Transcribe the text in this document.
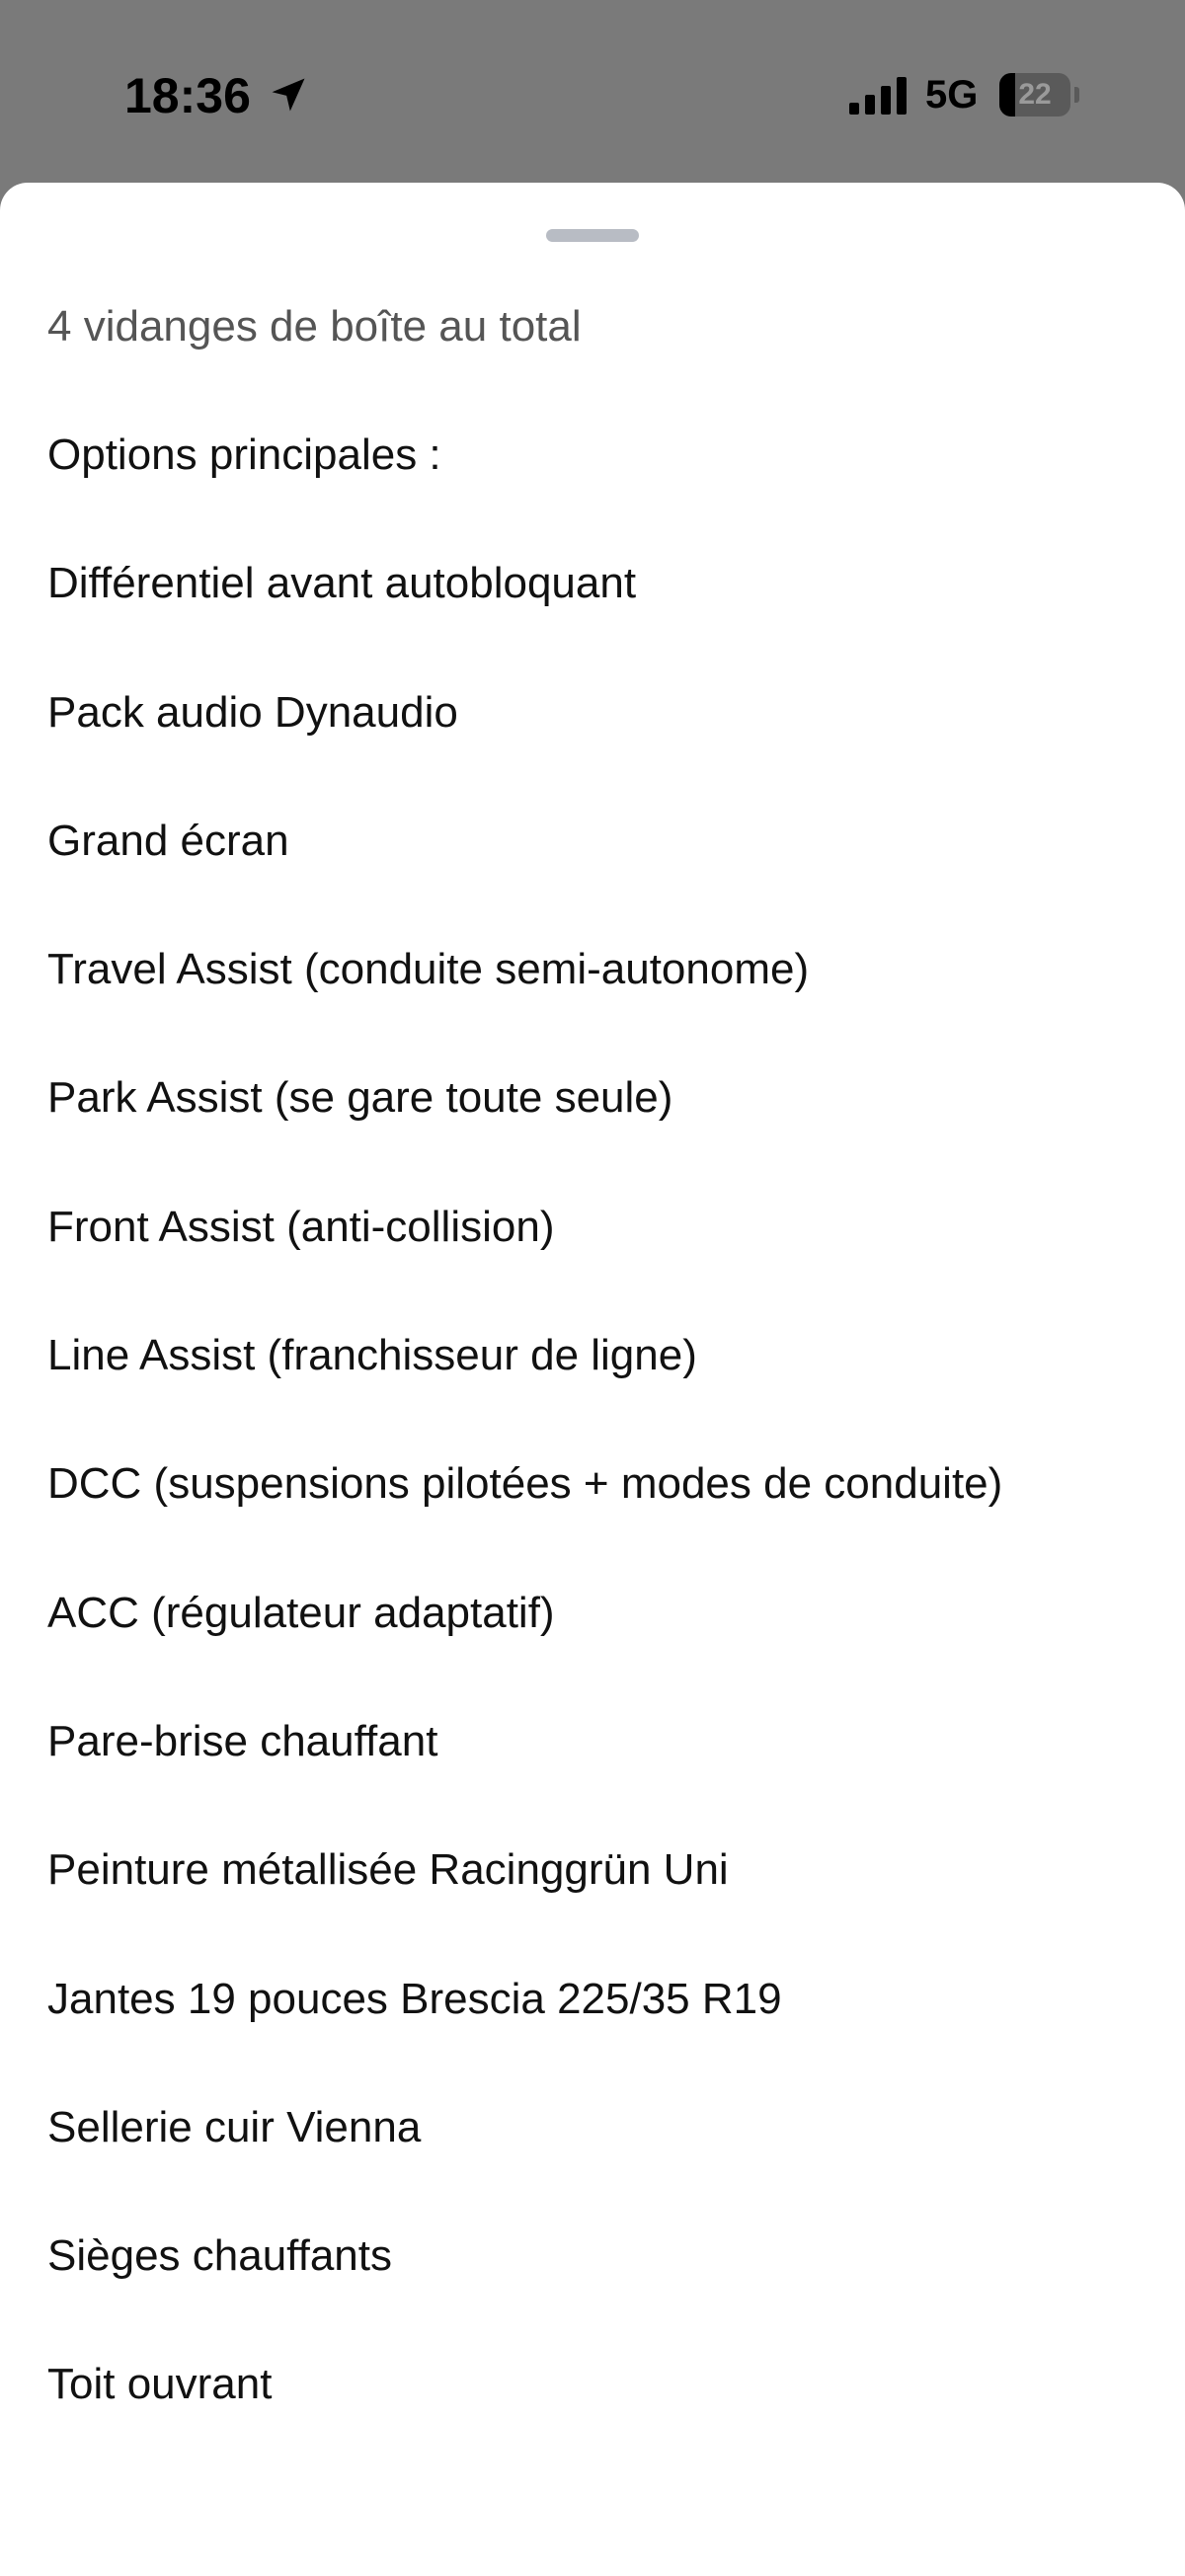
18:36	5G	22
4 vidanges de boîte au total
Options principales :
Différentiel avant autobloquant
Pack audio Dynaudio
Grand écran
Travel Assist (conduite semi-autonome)
Park Assist (se gare toute seule)
Front Assist (anti-collision)
Line Assist (franchisseur de ligne)
DCC (suspensions pilotées + modes de conduite)
ACC (régulateur adaptatif)
Pare-brise chauffant
Peinture métallisée Racinggrün Uni
Jantes 19 pouces Brescia 225/35 R19
Sellerie cuir Vienna
Sièges chauffants
Toit ouvrant
